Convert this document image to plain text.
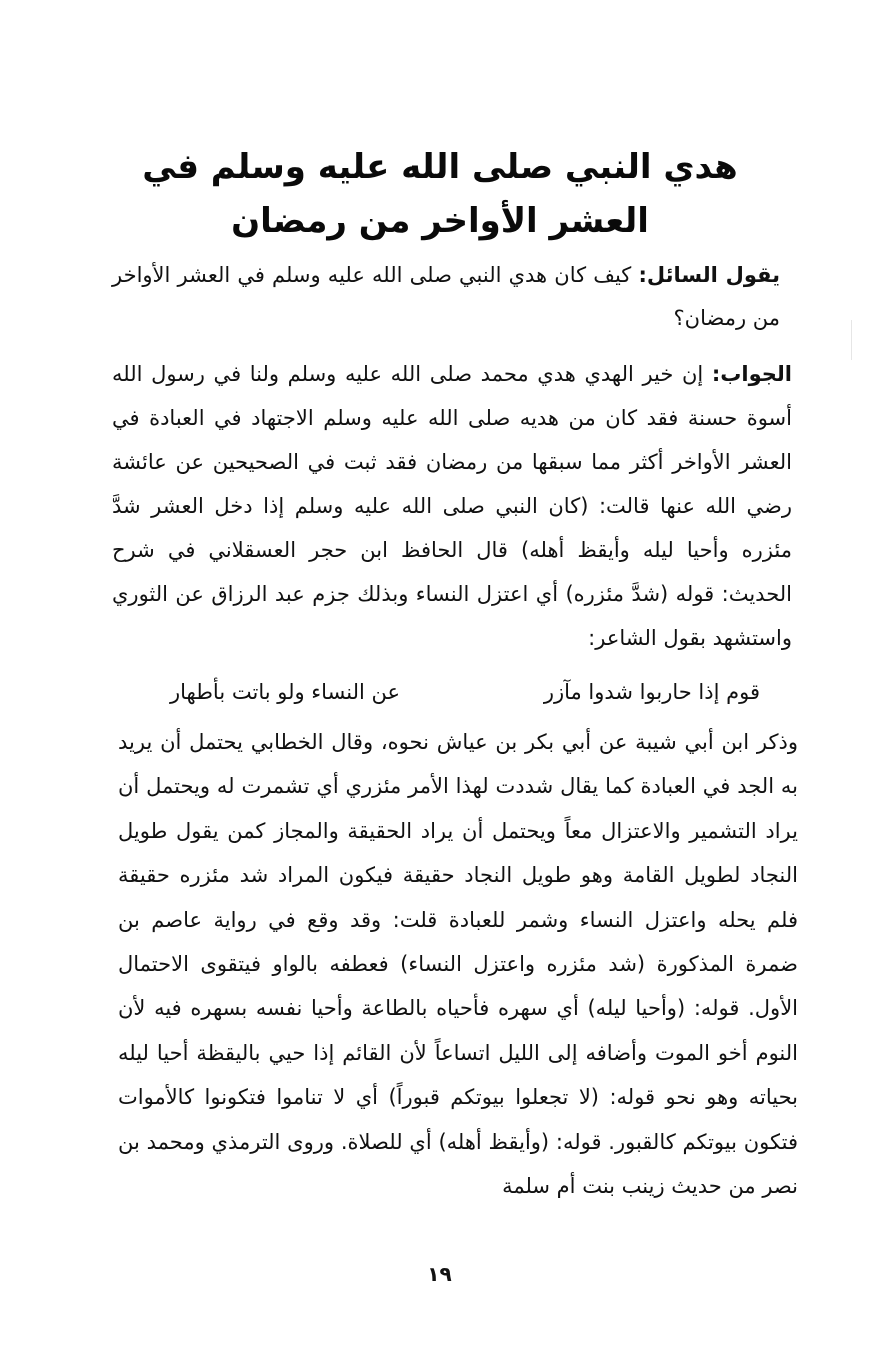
هدي النبي صلى الله عليه وسلم في العشر الأواخر من رمضان

يقول السائل: كيف كان هدي النبي صلى الله عليه وسلم في العشر الأواخر من رمضان؟

الجواب: إن خير الهدي هدي محمد صلى الله عليه وسلم ولنا في رسول الله أسوة حسنة فقد كان من هديه صلى الله عليه وسلم الاجتهاد في العبادة في العشر الأواخر أكثر مما سبقها من رمضان فقد ثبت في الصحيحين عن عائشة رضي الله عنها قالت: (كان النبي صلى الله عليه وسلم إذا دخل العشر شدَّ مئزره وأحيا ليله وأيقظ أهله) قال الحافظ ابن حجر العسقلاني في شرح الحديث: قوله (شدَّ مئزره) أي اعتزل النساء وبذلك جزم عبد الرزاق عن الثوري واستشهد بقول الشاعر:

قوم إذا حاربوا شدوا مآزر
عن النساء ولو باتت بأطهار

وذكر ابن أبي شيبة عن أبي بكر بن عياش نحوه، وقال الخطابي يحتمل أن يريد به الجد في العبادة كما يقال شددت لهذا الأمر مئزري أي تشمرت له ويحتمل أن يراد التشمير والاعتزال معاً ويحتمل أن يراد الحقيقة والمجاز كمن يقول طويل النجاد لطويل القامة وهو طويل النجاد حقيقة فيكون المراد شد مئزره حقيقة فلم يحله واعتزل النساء وشمر للعبادة قلت: وقد وقع في رواية عاصم بن ضمرة المذكورة (شد مئزره واعتزل النساء) فعطفه بالواو فيتقوى الاحتمال الأول. قوله: (وأحيا ليله) أي سهره فأحياه بالطاعة وأحيا نفسه بسهره فيه لأن النوم أخو الموت وأضافه إلى الليل اتساعاً لأن القائم إذا حيي باليقظة أحيا ليله بحياته وهو نحو قوله: (لا تجعلوا بيوتكم قبوراً) أي لا تناموا فتكونوا كالأموات فتكون بيوتكم كالقبور. قوله: (وأيقظ أهله) أي للصلاة. وروى الترمذي ومحمد بن نصر من حديث زينب بنت أم سلمة

١٩
